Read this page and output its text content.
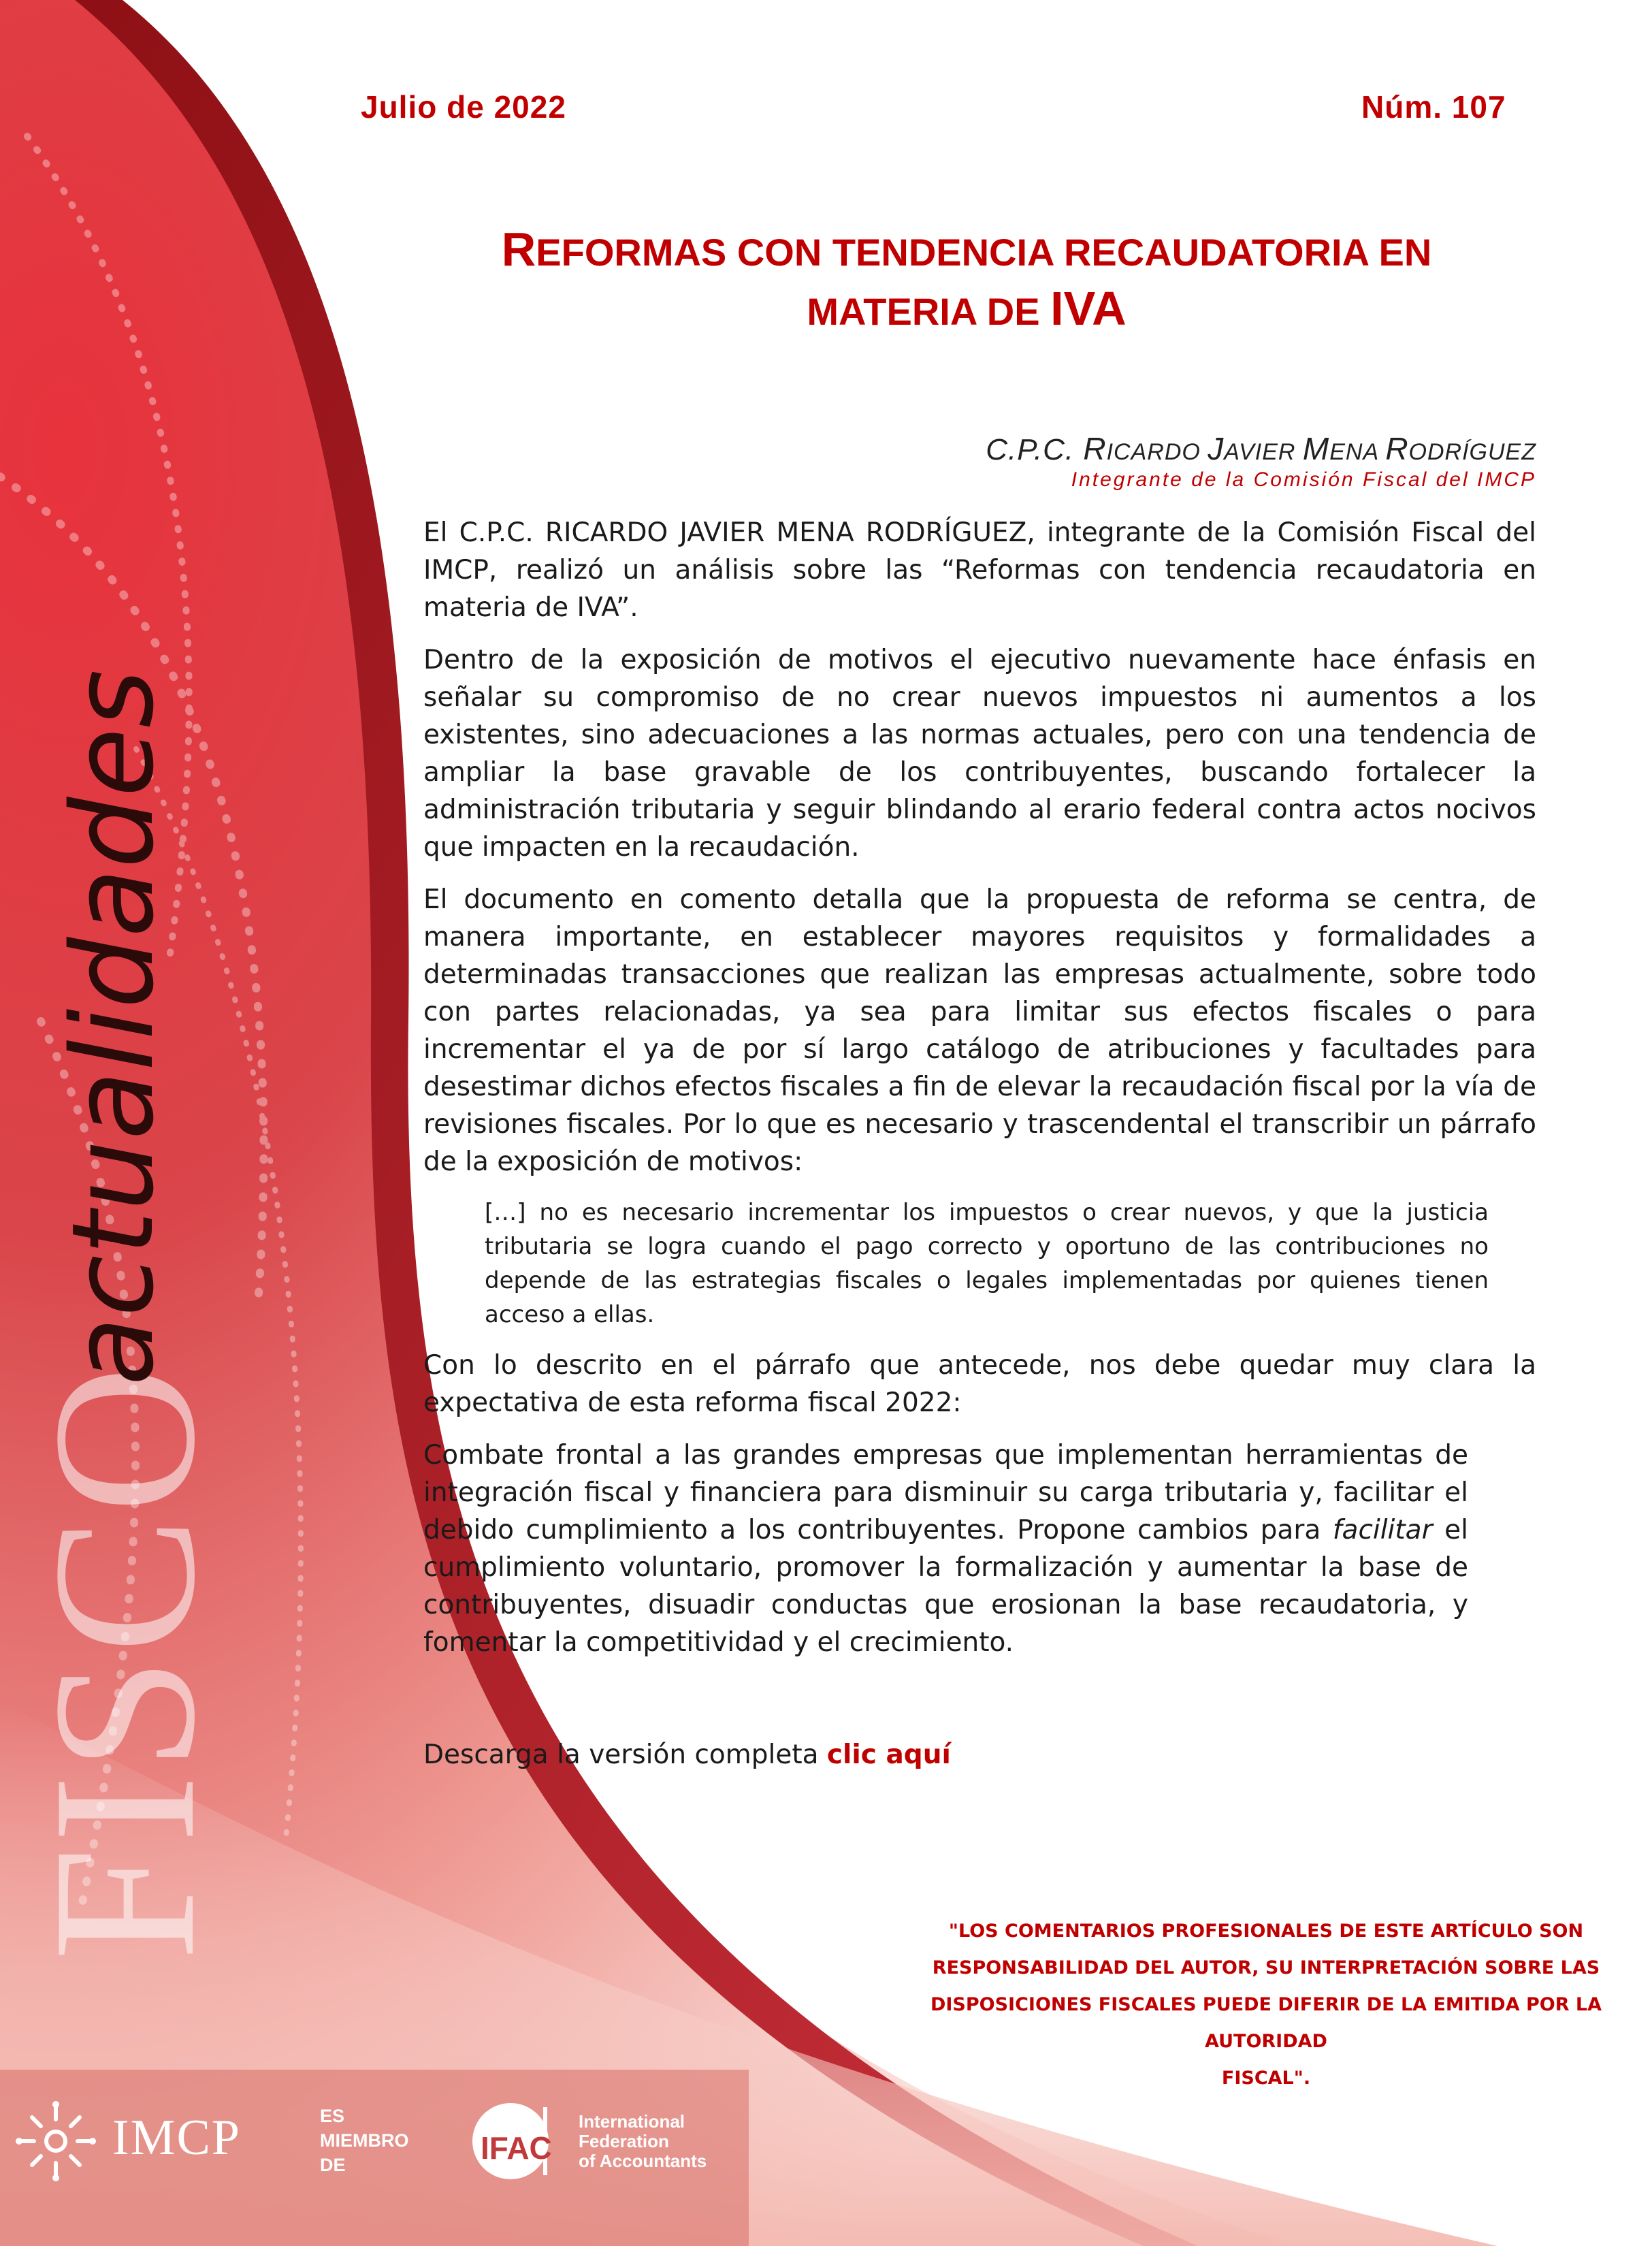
FISCO actualidades
Julio de 2022	Núm. 107
REFORMAS CON TENDENCIA RECAUDATORIA EN
MATERIA DE IVA
C.P.C. RICARDO JAVIER MENA RODRÍGUEZ
Integrante de la Comisión Fiscal del IMCP

El C.P.C. RICARDO JAVIER MENA RODRÍGUEZ, integrante de la Comisión Fiscal del IMCP, realizó un análisis sobre las “Reformas con tendencia recaudatoria en materia de IVA”.

Dentro de la exposición de motivos el ejecutivo nuevamente hace énfasis en señalar su compromiso de no crear nuevos impuestos ni aumentos a los existentes, sino adecuaciones a las normas actuales, pero con una tendencia de ampliar la base gravable de los contribuyentes, buscando fortalecer la administración tributaria y seguir blindando al erario federal contra actos nocivos que impacten en la recaudación.

El documento en comento detalla que la propuesta de reforma se centra, de manera importante, en establecer mayores requisitos y formalidades a determinadas transacciones que realizan las empresas actualmente, sobre todo con partes relacionadas, ya sea para limitar sus efectos fiscales o para incrementar el ya de por sí largo catálogo de atribuciones y facultades para desestimar dichos efectos fiscales a fin de elevar la recaudación fiscal por la vía de revisiones fiscales. Por lo que es necesario y trascendental el transcribir un párrafo de la exposición de motivos:

[…] no es necesario incrementar los impuestos o crear nuevos, y que la justicia tributaria se logra cuando el pago correcto y oportuno de las contribuciones no depende de las estrategias fiscales o legales implementadas por quienes tienen acceso a ellas.

Con lo descrito en el párrafo que antecede, nos debe quedar muy clara la expectativa de esta reforma fiscal 2022:

Combate frontal a las grandes empresas que implementan herramientas de integración fiscal y financiera para disminuir su carga tributaria y, facilitar el debido cumplimiento a los contribuyentes. Propone cambios para facilitar el cumplimiento voluntario, promover la formalización y aumentar la base de contribuyentes, disuadir conductas que erosionan la base recaudatoria, y fomentar la competitividad y el crecimiento.

Descarga la versión completa clic aquí

"LOS COMENTARIOS PROFESIONALES DE ESTE ARTÍCULO SON
RESPONSABILIDAD DEL AUTOR, SU INTERPRETACIÓN SOBRE LAS
DISPOSICIONES FISCALES PUEDE DIFERIR DE LA EMITIDA POR LA AUTORIDAD
FISCAL".
IMCP	ES
MIEMBRO
DE	IFAC
International
Federation
of Accountants
